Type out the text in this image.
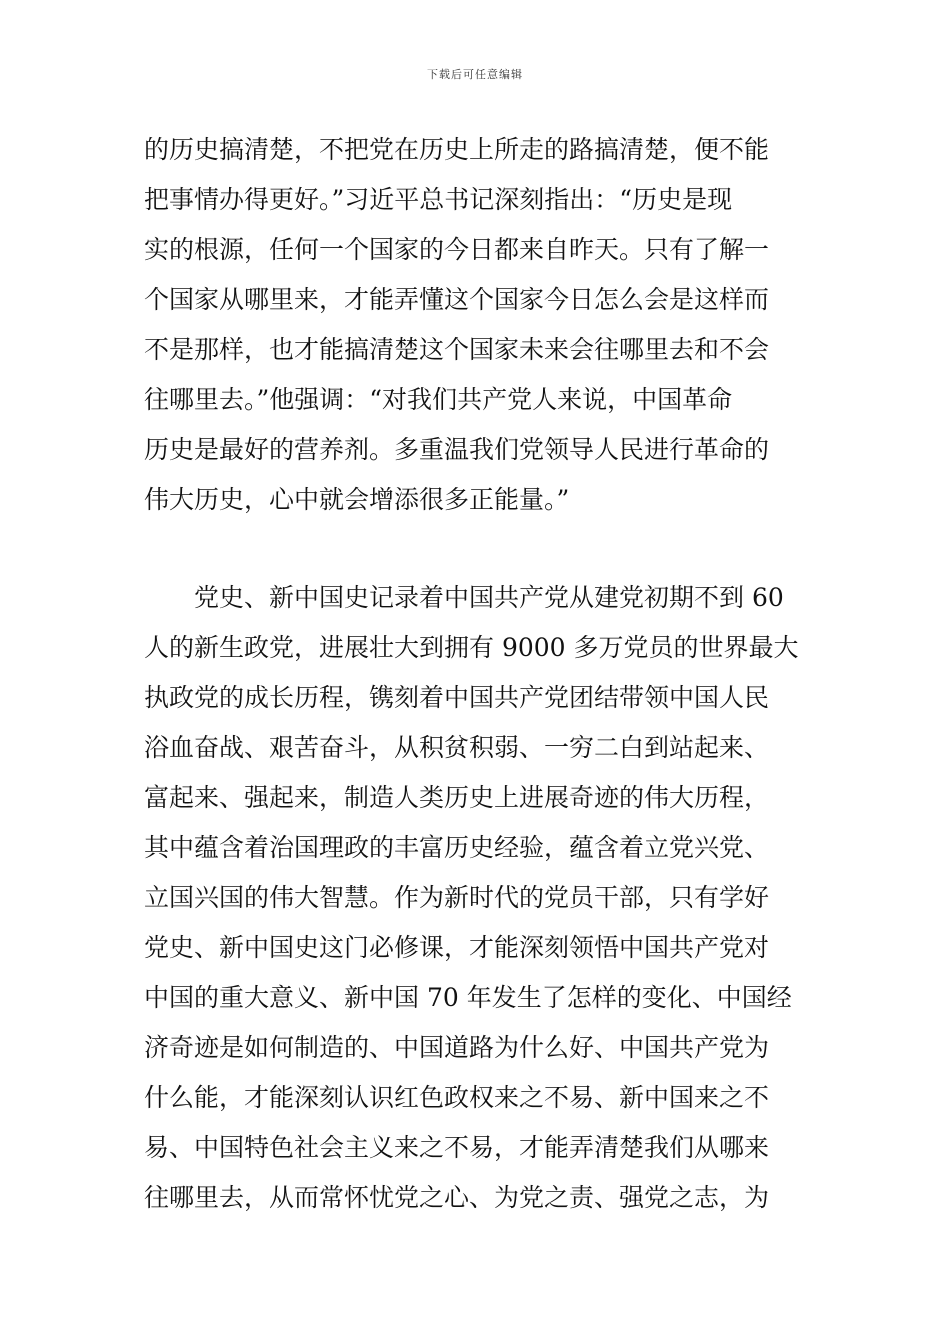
下载后可任意编辑
的历史搞清楚，不把党在历史上所走的路搞清楚，便不能
把事情办得更好。”习近平总书记深刻指出：“历史是现
实的根源，任何一个国家的今日都来自昨天。只有了解一
个国家从哪里来，才能弄懂这个国家今日怎么会是这样而
不是那样，也才能搞清楚这个国家未来会往哪里去和不会
往哪里去。”他强调：“对我们共产党人来说，中国革命
历史是最好的营养剂。多重温我们党领导人民进行革命的
伟大历史，心中就会增添很多正能量。”
党史、新中国史记录着中国共产党从建党初期不到 60
人的新生政党，进展壮大到拥有 9000 多万党员的世界最大
执政党的成长历程，镌刻着中国共产党团结带领中国人民
浴血奋战、艰苦奋斗，从积贫积弱、一穷二白到站起来、
富起来、强起来，制造人类历史上进展奇迹的伟大历程，
其中蕴含着治国理政的丰富历史经验，蕴含着立党兴党、
立国兴国的伟大智慧。作为新时代的党员干部，只有学好
党史、新中国史这门必修课，才能深刻领悟中国共产党对
中国的重大意义、新中国 70 年发生了怎样的变化、中国经
济奇迹是如何制造的、中国道路为什么好、中国共产党为
什么能，才能深刻认识红色政权来之不易、新中国来之不
易、中国特色社会主义来之不易，才能弄清楚我们从哪来
往哪里去，从而常怀忧党之心、为党之责、强党之志，为
